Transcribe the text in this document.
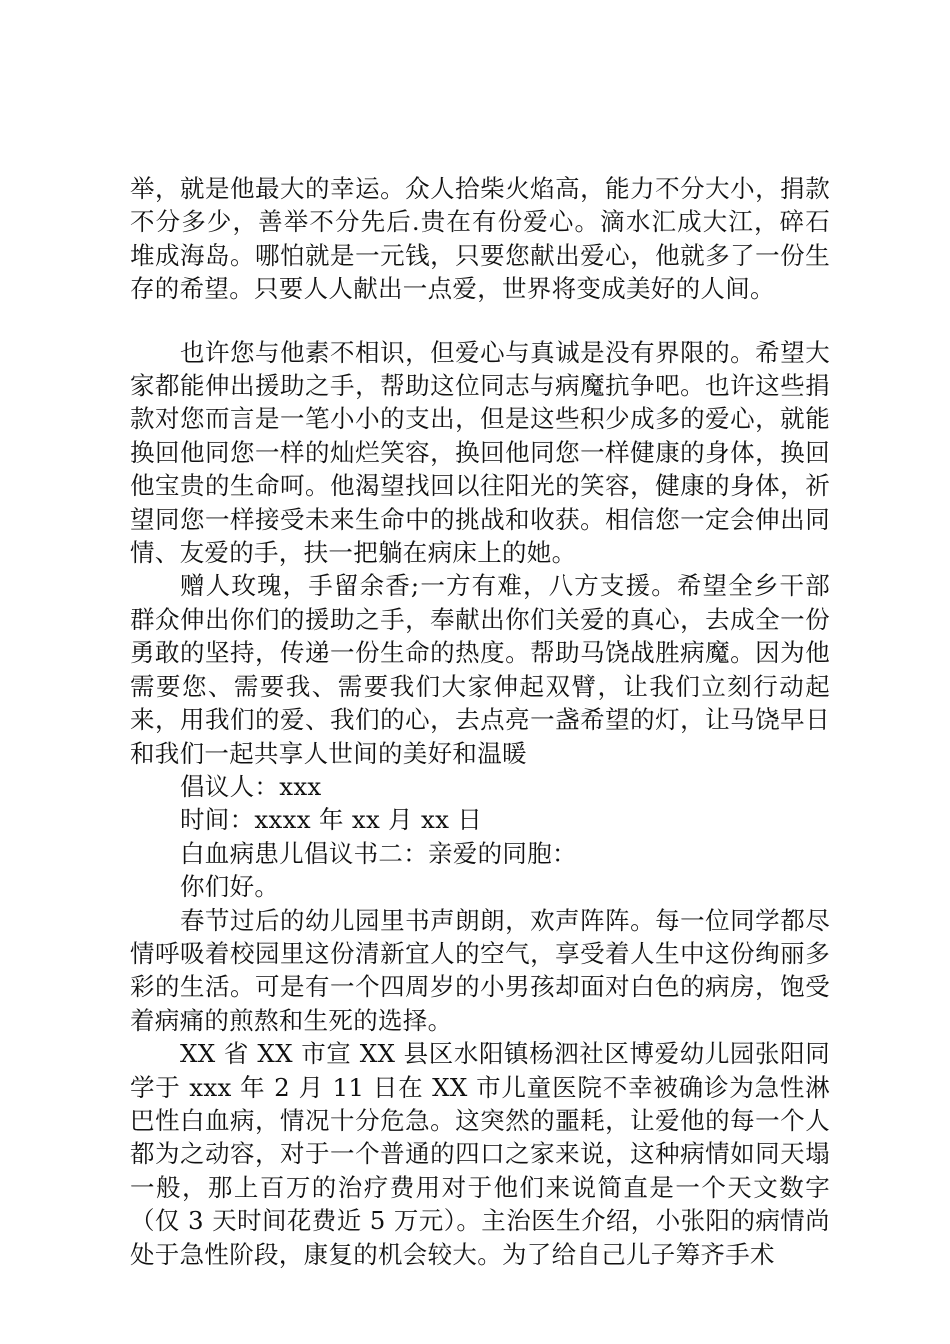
举，就是他最大的幸运。众人拾柴火焰高，能力不分大小，捐款不分多少，善举不分先后.贵在有份爱心。滴水汇成大江，碎石堆成海岛。哪怕就是一元钱，只要您献出爱心，他就多了一份生存的希望。只要人人献出一点爱，世界将变成美好的人间。

也许您与他素不相识，但爱心与真诚是没有界限的。希望大家都能伸出援助之手，帮助这位同志与病魔抗争吧。也许这些捐款对您而言是一笔小小的支出，但是这些积少成多的爱心，就能换回他同您一样的灿烂笑容，换回他同您一样健康的身体，换回他宝贵的生命呵。他渴望找回以往阳光的笑容，健康的身体，祈望同您一样接受未来生命中的挑战和收获。相信您一定会伸出同情、友爱的手，扶一把躺在病床上的她。

赠人玫瑰，手留余香;一方有难，八方支援。希望全乡干部群众伸出你们的援助之手，奉献出你们关爱的真心，去成全一份勇敢的坚持，传递一份生命的热度。帮助马饶战胜病魔。因为他需要您、需要我、需要我们大家伸起双臂，让我们立刻行动起来，用我们的爱、我们的心，去点亮一盏希望的灯，让马饶早日和我们一起共享人世间的美好和温暖

倡议人：xxx

时间：xxxx 年 xx 月 xx 日

白血病患儿倡议书二：亲爱的同胞：

你们好。

春节过后的幼儿园里书声朗朗，欢声阵阵。每一位同学都尽情呼吸着校园里这份清新宜人的空气，享受着人生中这份绚丽多彩的生活。可是有一个四周岁的小男孩却面对白色的病房，饱受着病痛的煎熬和生死的选择。

XX 省 XX 市宣 XX 县区水阳镇杨泗社区博爱幼儿园张阳同学于 xxx 年 2 月 11 日在 XX 市儿童医院不幸被确诊为急性淋巴性白血病，情况十分危急。这突然的噩耗，让爱他的每一个人都为之动容，对于一个普通的四口之家来说，这种病情如同天塌一般，那上百万的治疗费用对于他们来说简直是一个天文数字（仅 3 天时间花费近 5 万元）。主治医生介绍，小张阳的病情尚处于急性阶段，康复的机会较大。为了给自己儿子筹齐手术
